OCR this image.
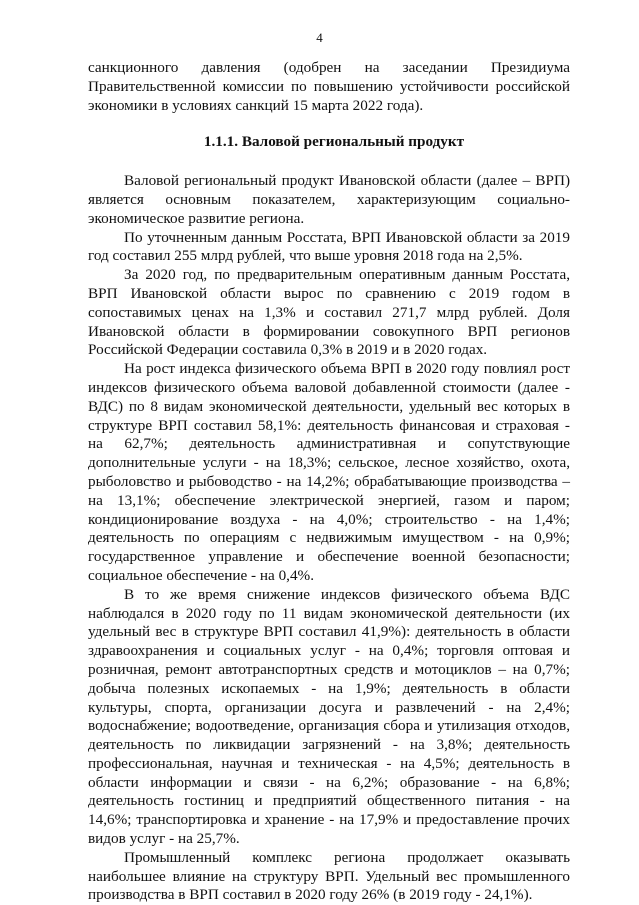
4

санкционного давления (одобрен на заседании Президиума Правительственной комиссии по повышению устойчивости российской экономики в условиях санкций 15 марта 2022 года).

1.1.1. Валовой региональный продукт

Валовой региональный продукт Ивановской области (далее – ВРП) является основным показателем, характеризующим социально-экономическое развитие региона.

По уточненным данным Росстата, ВРП Ивановской области за 2019 год составил 255 млрд рублей, что выше уровня 2018 года на 2,5%.

За 2020 год, по предварительным оперативным данным Росстата, ВРП Ивановской области вырос по сравнению с 2019 годом в сопоставимых ценах на 1,3% и составил 271,7 млрд рублей. Доля Ивановской области в формировании совокупного ВРП регионов Российской Федерации составила 0,3% в 2019 и в 2020 годах.

На рост индекса физического объема ВРП в 2020 году повлиял рост индексов физического объема валовой добавленной стоимости (далее - ВДС) по 8 видам экономической деятельности, удельный вес которых в структуре ВРП составил 58,1%: деятельность финансовая и страховая - на 62,7%; деятельность административная и сопутствующие дополнительные услуги - на 18,3%; сельское, лесное хозяйство, охота, рыболовство и рыбоводство - на 14,2%; обрабатывающие производства – на 13,1%; обеспечение электрической энергией, газом и паром; кондиционирование воздуха - на 4,0%; строительство - на 1,4%; деятельность по операциям с недвижимым имуществом - на 0,9%; государственное управление и обеспечение военной безопасности; социальное обеспечение - на 0,4%.

В то же время снижение индексов физического объема ВДС наблюдался в 2020 году по 11 видам экономической деятельности (их удельный вес в структуре ВРП составил 41,9%): деятельность в области здравоохранения и социальных услуг - на 0,4%; торговля оптовая и розничная, ремонт автотранспортных средств и мотоциклов – на 0,7%; добыча полезных ископаемых - на 1,9%; деятельность в области культуры, спорта, организации досуга и развлечений - на 2,4%; водоснабжение; водоотведение, организация сбора и утилизация отходов, деятельность по ликвидации загрязнений - на 3,8%; деятельность профессиональная, научная и техническая - на 4,5%; деятельность в области информации и связи - на 6,2%; образование - на 6,8%; деятельность гостиниц и предприятий общественного питания - на 14,6%; транспортировка и хранение - на 17,9% и предоставление прочих видов услуг - на 25,7%.

Промышленный комплекс региона продолжает оказывать наибольшее влияние на структуру ВРП. Удельный вес промышленного производства в ВРП составил в 2020 году 26% (в 2019 году - 24,1%).
